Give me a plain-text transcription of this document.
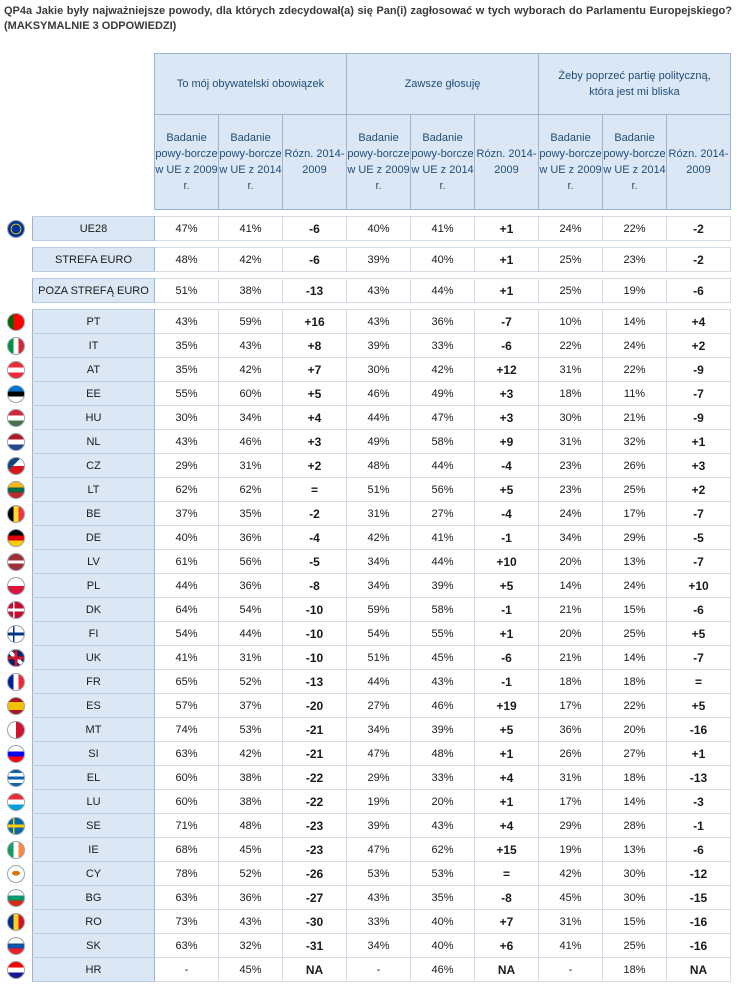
QP4a Jakie były najważniejsze powody, dla których zdecydował(a) się Pan(i) zagłosować w tych wyborach do Parlamentu Europejskiego? (MAKSYMALNIE 3 ODPOWIEDZI)
		To mój obywatelski obowiązek			Zawsze głosuję			Żeby poprzeć partię polityczną, która jest mi bliska		
		Badanie powy-borcze w UE z 2009 r.	Badanie powy-borcze w UE z 2014 r.	Rózn. 2014-2009	Badanie powy-borcze w UE z 2009 r.	Badanie powy-borcze w UE z 2014 r.	Rózn. 2014-2009	Badanie powy-borcze w UE z 2009 r.	Badanie powy-borcze w UE z 2014 r.	Rózn. 2014-2009

	UE28	47%	41%	-6	40%	41%	+1	24%	22%	-2

	STREFA EURO	48%	42%	-6	39%	40%	+1	25%	23%	-2

	POZA STREFĄ EURO	51%	38%	-13	43%	44%	+1	25%	19%	-6

	PT	43%	59%	+16	43%	36%	-7	10%	14%	+4
	IT	35%	43%	+8	39%	33%	-6	22%	24%	+2
	AT	35%	42%	+7	30%	42%	+12	31%	22%	-9
	EE	55%	60%	+5	46%	49%	+3	18%	11%	-7
	HU	30%	34%	+4	44%	47%	+3	30%	21%	-9
	NL	43%	46%	+3	49%	58%	+9	31%	32%	+1
	CZ	29%	31%	+2	48%	44%	-4	23%	26%	+3
	LT	62%	62%	=	51%	56%	+5	23%	25%	+2
	BE	37%	35%	-2	31%	27%	-4	24%	17%	-7
	DE	40%	36%	-4	42%	41%	-1	34%	29%	-5
	LV	61%	56%	-5	34%	44%	+10	20%	13%	-7
	PL	44%	36%	-8	34%	39%	+5	14%	24%	+10
	DK	64%	54%	-10	59%	58%	-1	21%	15%	-6
	FI	54%	44%	-10	54%	55%	+1	20%	25%	+5
	UK	41%	31%	-10	51%	45%	-6	21%	14%	-7
	FR	65%	52%	-13	44%	43%	-1	18%	18%	=
	ES	57%	37%	-20	27%	46%	+19	17%	22%	+5
	MT	74%	53%	-21	34%	39%	+5	36%	20%	-16
	SI	63%	42%	-21	47%	48%	+1	26%	27%	+1
	EL	60%	38%	-22	29%	33%	+4	31%	18%	-13
	LU	60%	38%	-22	19%	20%	+1	17%	14%	-3
	SE	71%	48%	-23	39%	43%	+4	29%	28%	-1
	IE	68%	45%	-23	47%	62%	+15	19%	13%	-6
	CY	78%	52%	-26	53%	53%	=	42%	30%	-12
	BG	63%	36%	-27	43%	35%	-8	45%	30%	-15
	RO	73%	43%	-30	33%	40%	+7	31%	15%	-16
	SK	63%	32%	-31	34%	40%	+6	41%	25%	-16
	HR	-	45%	NA	-	46%	NA	-	18%	NA
